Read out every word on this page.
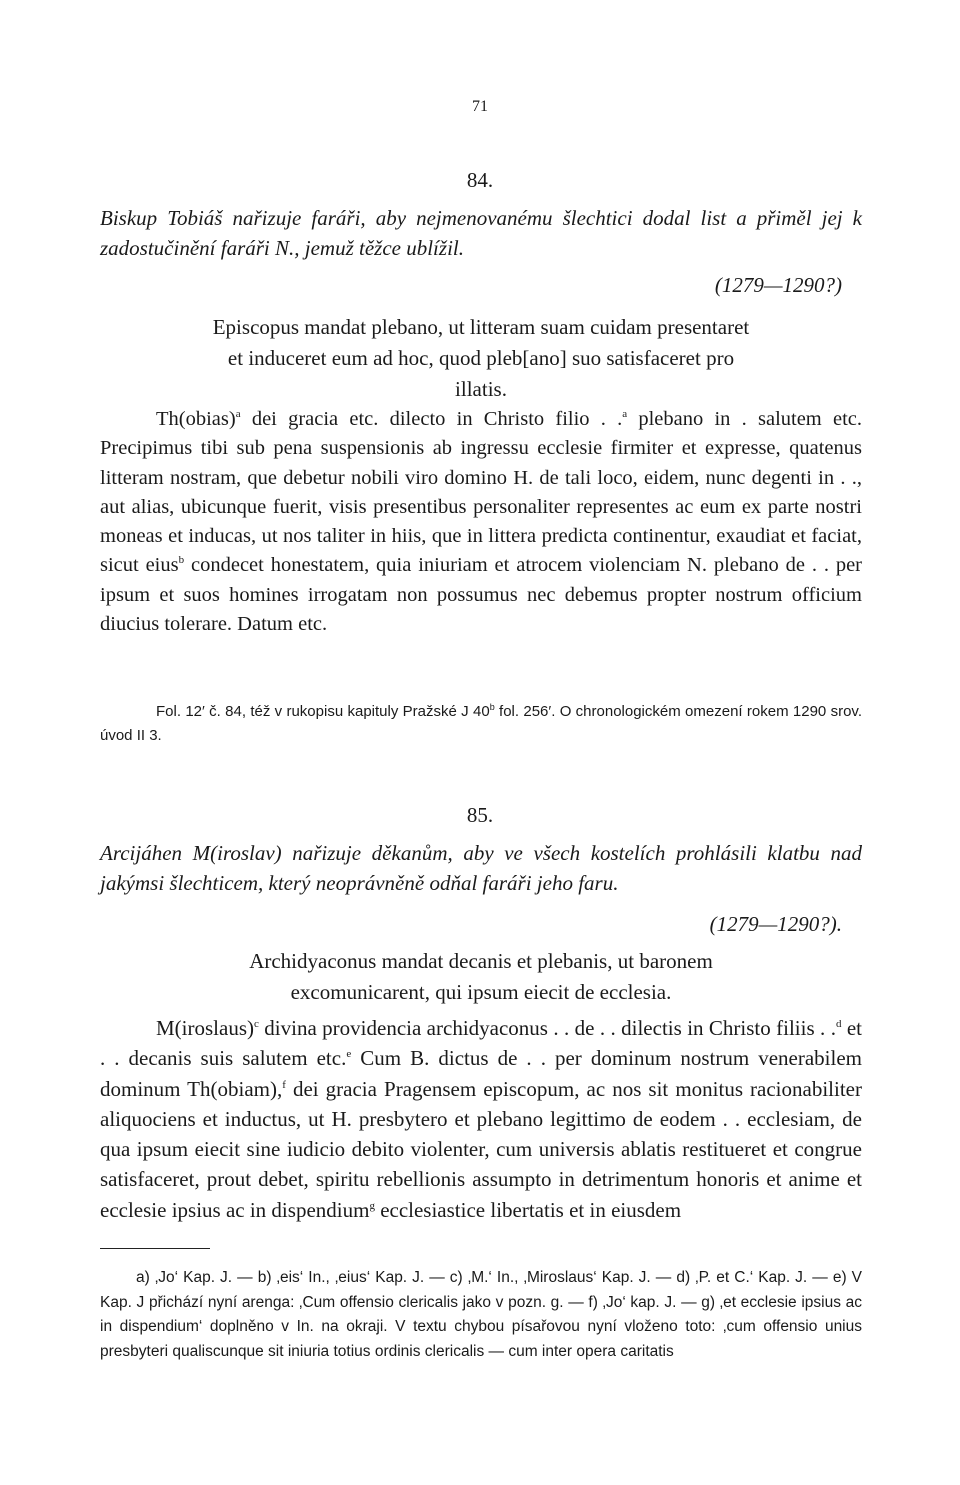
71
84.
Biskup Tobiáš nařizuje faráři, aby nejmenovanému šlechtici dodal list a přiměl jej k zadostučinění faráři N., jemuž těžce ublížil.
(1279—1290?)
Episcopus mandat plebano, ut litteram suam cuidam presentaret
et induceret eum ad hoc, quod pleb[ano] suo satisfaceret pro
illatis.

Th(obias)$^a$ dei gracia etc. dilecto in Christo filio . .$^a$ plebano in . salutem etc. Precipimus tibi sub pena suspensionis ab ingressu ecclesie firmiter et expresse, quatenus litteram nostram, que debetur nobili viro domino H. de tali loco, eidem, nunc degenti in . ., aut alias, ubicunque fuerit, visis presentibus personaliter representes ac eum ex parte nostri moneas et inducas, ut nos taliter in hiis, que in littera predicta continentur, exaudiat et faciat, sicut eius$^b$ condecet honestatem, quia iniuriam et atrocem violenciam N. plebano de . . per ipsum et suos homines irrogatam non possumus nec debemus propter nostrum officium diucius tolerare. Datum etc.

Fol. 12′ č. 84, též v rukopisu kapituly Pražské J 40$^b$ fol. 256′. O chronologickém omezení rokem 1290 srov. úvod II 3.

85.
Arcijáhen M(iroslav) nařizuje děkanům, aby ve všech kostelích prohlásili klatbu nad jakýmsi šlechticem, který neoprávněně odňal faráři jeho faru.
(1279—1290?).
Archidyaconus mandat decanis et plebanis, ut baronem
excomunicarent, qui ipsum eiecit de ecclesia.

M(iroslaus)$^c$ divina providencia archidyaconus . . de . . dilectis in Christo filiis . .$^d$ et . . decanis suis salutem etc.$^e$ Cum B. dictus de . . per dominum nostrum venerabilem dominum Th(obiam),$^f$ dei gracia Pragensem episcopum, ac nos sit monitus racionabiliter aliquociens et inductus, ut H. presbytero et plebano legittimo de eodem . . ecclesiam, de qua ipsum eiecit sine iudicio debito violenter, cum universis ablatis restitueret et congrue satisfaceret, prout debet, spiritu rebellionis assumpto in detrimentum honoris et anime et ecclesie ipsius ac in dispendium$^g$ ecclesiastice libertatis et in eiusdem

a) ‚Jo‘ Kap. J. — b) ‚eis‘ In., ‚eius‘ Kap. J. — c) ‚M.‘ In., ‚Miroslaus‘ Kap. J. — d) ‚P. et C.‘ Kap. J. — e) V Kap. J přichází nyní arenga: ‚Cum offensio clericalis jako v pozn. g. — f) ‚Jo‘ kap. J. — g) ‚et ecclesie ipsius ac in dispendium‘ doplněno v In. na okraji. V textu chybou písařovou nyní vloženo toto: ‚cum offensio unius presbyteri qualiscunque sit iniuria totius ordinis clericalis — cum inter opera caritatis
